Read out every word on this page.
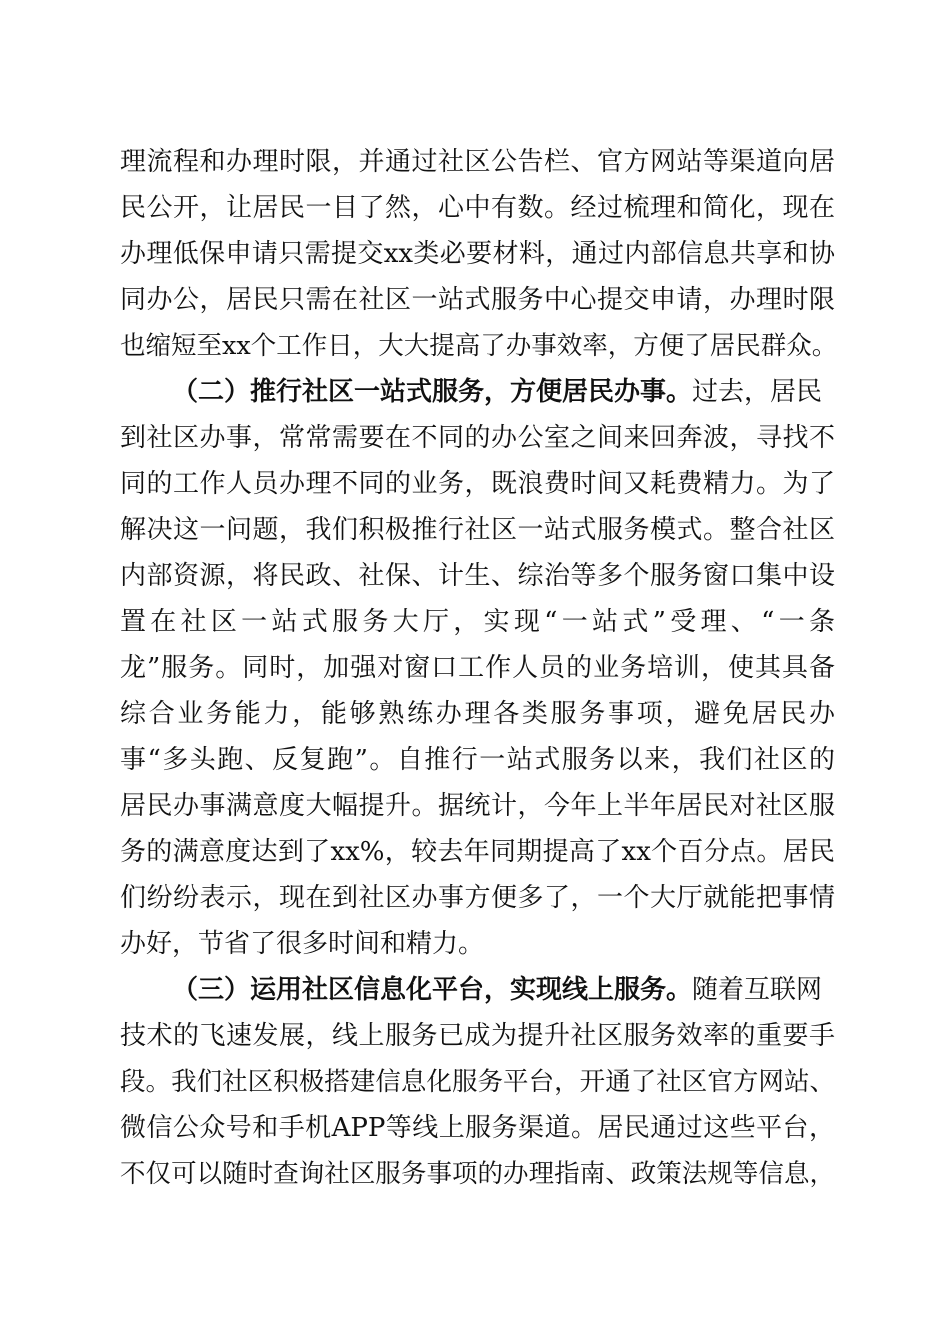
理流程和办理时限，并通过社区公告栏、官方网站等渠道向居
民公开，让居民一目了然，心中有数。经过梳理和简化，现在
办理低保申请只需提交xx类必要材料，通过内部信息共享和协
同办公，居民只需在社区一站式服务中心提交申请，办理时限
也缩短至xx个工作日，大大提高了办事效率，方便了居民群众。
（二）推行社区一站式服务，方便居民办事。过去，居民
到社区办事，常常需要在不同的办公室之间来回奔波，寻找不
同的工作人员办理不同的业务，既浪费时间又耗费精力。为了
解决这一问题，我们积极推行社区一站式服务模式。整合社区
内部资源，将民政、社保、计生、综治等多个服务窗口集中设
置在社区一站式服务大厅，实现“一站式”受理、“一条
龙”服务。同时，加强对窗口工作人员的业务培训，使其具备
综合业务能力，能够熟练办理各类服务事项，避免居民办
事“多头跑、反复跑”。自推行一站式服务以来，我们社区的
居民办事满意度大幅提升。据统计，今年上半年居民对社区服
务的满意度达到了xx%，较去年同期提高了xx个百分点。居民
们纷纷表示，现在到社区办事方便多了，一个大厅就能把事情
办好，节省了很多时间和精力。
（三）运用社区信息化平台，实现线上服务。随着互联网
技术的飞速发展，线上服务已成为提升社区服务效率的重要手
段。我们社区积极搭建信息化服务平台，开通了社区官方网站、
微信公众号和手机APP等线上服务渠道。居民通过这些平台，
不仅可以随时查询社区服务事项的办理指南、政策法规等信息，
